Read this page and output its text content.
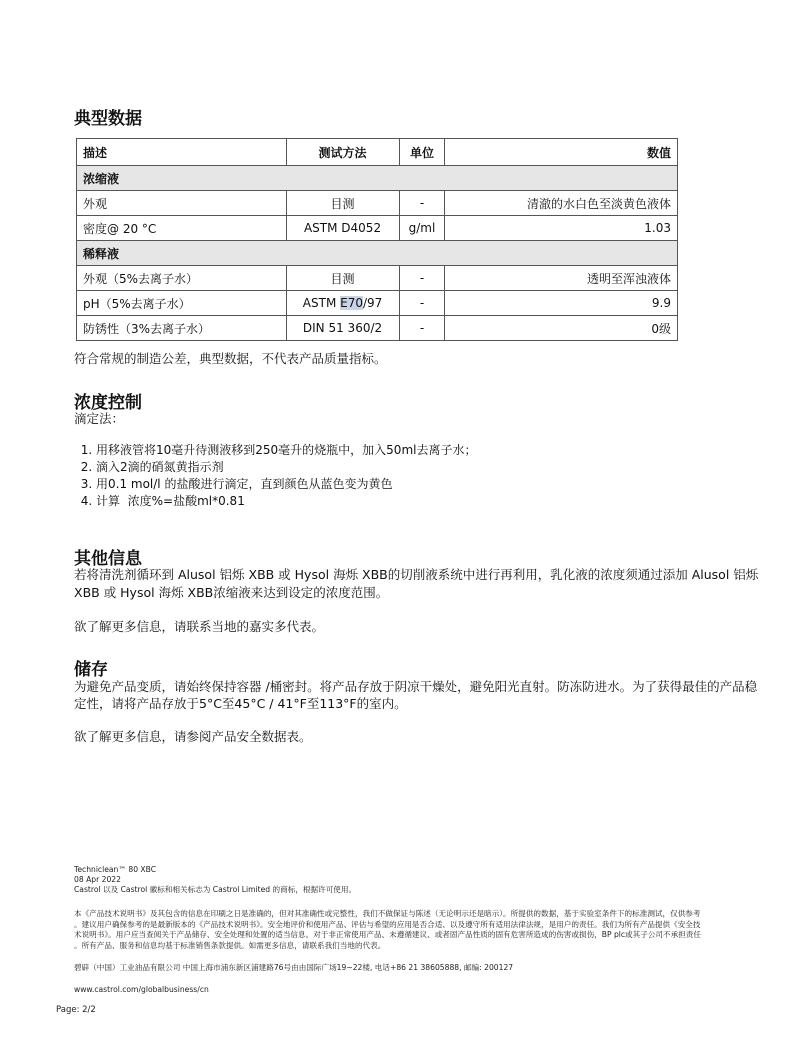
典型数据
描述	测试方法	单位	数值
浓缩液			
外观	目测	-	清澈的水白色至淡黄色液体
密度@ 20 °C	ASTM D4052	g/ml	1.03
稀释液			
外观（5%去离子水）	目测	-	透明至浑浊液体
pH（5%去离子水）	ASTM E70/97	-	9.9
防锈性（3%去离子水）	DIN 51 360/2	-	0级
符合常规的制造公差，典型数据，不代表产品质量指标。
浓度控制
滴定法：
1. 用移液管将10毫升待测液移到250毫升的烧瓶中，加入50ml去离子水；
2. 滴入2滴的硝氮黄指示剂
3. 用0.1 mol/l 的盐酸进行滴定，直到颜色从蓝色变为黄色
4. 计算  浓度%=盐酸ml*0.81
其他信息
若将清洗剂循环到 Alusol 铝烁 XBB 或 Hysol 海烁 XBB的切削液系统中进行再利用，乳化液的浓度须通过添加 Alusol 铝烁
XBB 或 Hysol 海烁 XBB浓缩液来达到设定的浓度范围。
欲了解更多信息，请联系当地的嘉实多代表。
储存
为避免产品变质，请始终保持容器 /桶密封。将产品存放于阴凉干燥处，避免阳光直射。防冻防进水。为了获得最佳的产品稳
定性，请将产品存放于5°C至45°C / 41°F至113°F的室内。
欲了解更多信息，请参阅产品安全数据表。
Techniclean™ 80 XBC
08 Apr 2022
Castrol 以及 Castrol 徽标和相关标志为 Castrol Limited 的商标，根据许可使用。
本《产品技术说明书》及其包含的信息在印刷之日是准确的，但对其准确性或完整性，我们不做保证与陈述（无论明示还是暗示）。所提供的数据，基于实验室条件下的标准测试，仅供参考
。建议用户确保参考的是最新版本的《产品技术说明书》。安全地评价和使用产品、评估与希望的应用是否合适、以及遵守所有适用法律法规，是用户的责任。我们为所有产品提供《安全技
术说明书》。用户应当查阅关于产品储存、安全处理和处置的适当信息。对于非正常使用产品、未遵循建议、或者固产品性质的固有危害所造成的伤害或损伤，BP plc或其子公司不承担责任
。所有产品、服务和信息均基于标准销售条款提供。如需更多信息，请联系我们当地的代表。
碧辟（中国）工业油品有限公司 中国上海市浦东新区浦建路76号由由国际广场19~22楼, 电话+86 21 38605888, 邮编: 200127
www.castrol.com/globalbusiness/cn
Page: 2/2
